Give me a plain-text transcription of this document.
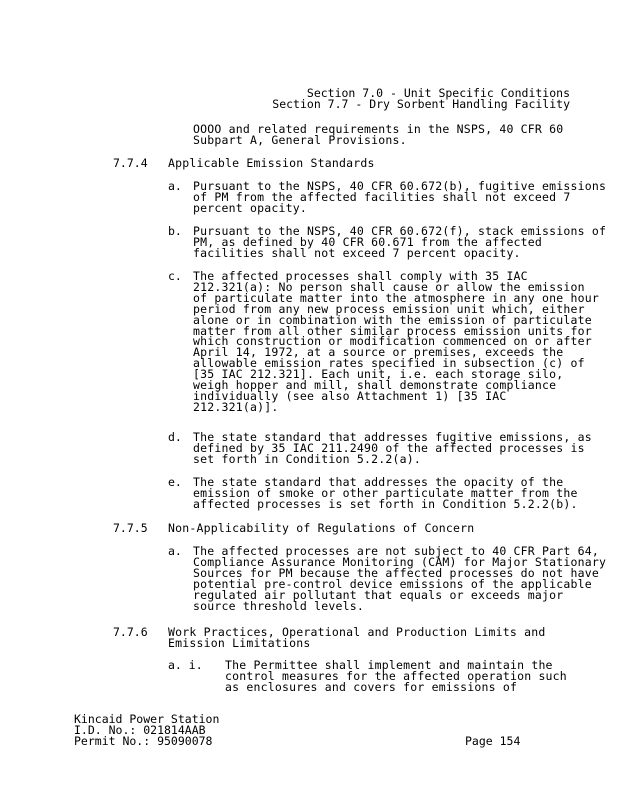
Section 7.0 - Unit Specific Conditions
Section 7.7 - Dry Sorbent Handling Facility
OOOO and related requirements in the NSPS, 40 CFR 60
Subpart A, General Provisions.
7.7.4 Applicable Emission Standards
a. Pursuant to the NSPS, 40 CFR 60.672(b), fugitive emissions
of PM from the affected facilities shall not exceed 7
percent opacity.
b. Pursuant to the NSPS, 40 CFR 60.672(f), stack emissions of
PM, as defined by 40 CFR 60.671 from the affected
facilities shall not exceed 7 percent opacity.
c. The affected processes shall comply with 35 IAC
212.321(a): No person shall cause or allow the emission
of particulate matter into the atmosphere in any one hour
period from any new process emission unit which, either
alone or in combination with the emission of particulate
matter from all other similar process emission units for
which construction or modification commenced on or after
April 14, 1972, at a source or premises, exceeds the
allowable emission rates specified in subsection (c) of
[35 IAC 212.321]. Each unit, i.e. each storage silo,
weigh hopper and mill, shall demonstrate compliance
individually (see also Attachment 1) [35 IAC
212.321(a)].
d. The state standard that addresses fugitive emissions, as
defined by 35 IAC 211.2490 of the affected processes is
set forth in Condition 5.2.2(a).
e. The state standard that addresses the opacity of the
emission of smoke or other particulate matter from the
affected processes is set forth in Condition 5.2.2(b).
7.7.5 Non-Applicability of Regulations of Concern
a. The affected processes are not subject to 40 CFR Part 64,
Compliance Assurance Monitoring (CAM) for Major Stationary
Sources for PM because the affected processes do not have
potential pre-control device emissions of the applicable
regulated air pollutant that equals or exceeds major
source threshold levels.
7.7.6 Work Practices, Operational and Production Limits and
Emission Limitations
a. i. The Permittee shall implement and maintain the
control measures for the affected operation such
as enclosures and covers for emissions of
Kincaid Power Station
I.D. No.: 021814AAB
Permit No.: 95090078	Page 154
